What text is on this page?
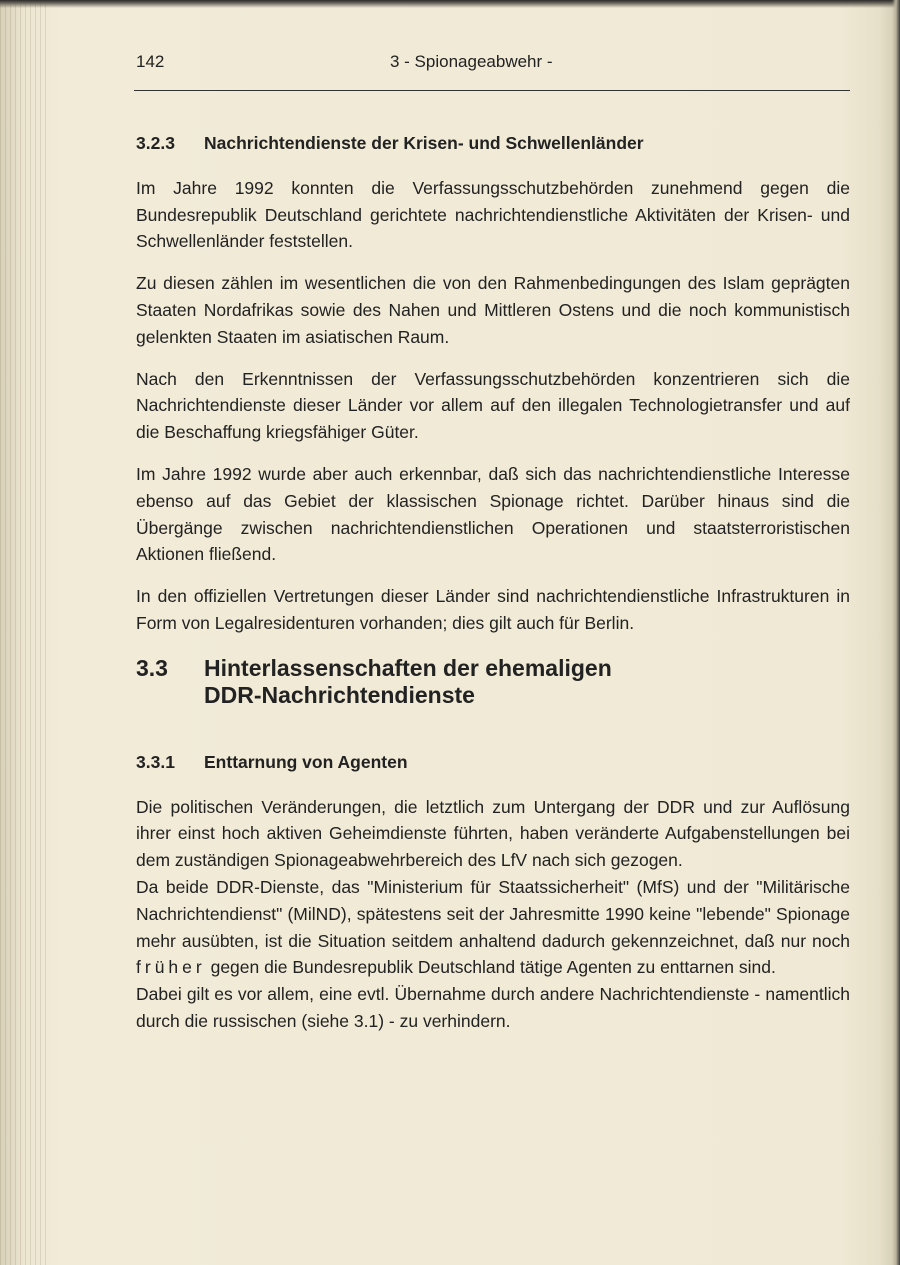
142	3 - Spionageabwehr -
3.2.3	Nachrichtendienste der Krisen- und Schwellenländer

Im Jahre 1992 konnten die Verfassungsschutzbehörden zunehmend gegen die Bundesrepublik Deutschland gerichtete nachrichtendienstliche Aktivitäten der Krisen- und Schwellenländer feststellen.

Zu diesen zählen im wesentlichen die von den Rahmenbedingungen des Islam geprägten Staaten Nordafrikas sowie des Nahen und Mittleren Ostens und die noch kommunistisch gelenkten Staaten im asiatischen Raum.

Nach den Erkenntnissen der Verfassungsschutzbehörden konzentrieren sich die Nachrichtendienste dieser Länder vor allem auf den illegalen Technologietransfer und auf die Beschaffung kriegsfähiger Güter.

Im Jahre 1992 wurde aber auch erkennbar, daß sich das nachrichtendienstliche Interesse ebenso auf das Gebiet der klassischen Spionage richtet. Darüber hinaus sind die Übergänge zwischen nachrichtendienstlichen Operationen und staatsterroristischen Aktionen fließend.

In den offiziellen Vertretungen dieser Länder sind nachrichtendienstliche Infrastrukturen in Form von Legalresidenturen vorhanden; dies gilt auch für Berlin.

3.3	Hinterlassenschaften der ehemaligen
DDR-Nachrichtendienste
3.3.1	Enttarnung von Agenten

Die politischen Veränderungen, die letztlich zum Untergang der DDR und zur Auflösung ihrer einst hoch aktiven Geheimdienste führten, haben veränderte Aufgabenstellungen bei dem zuständigen Spionageabwehrbereich des LfV nach sich gezogen.

Da beide DDR-Dienste, das "Ministerium für Staatssicherheit" (MfS) und der "Militärische Nachrichtendienst" (MilND), spätestens seit der Jahresmitte 1990 keine "lebende" Spionage mehr ausübten, ist die Situation seitdem anhaltend dadurch gekennzeichnet, daß nur noch früher gegen die Bundesrepublik Deutschland tätige Agenten zu enttarnen sind.

Dabei gilt es vor allem, eine evtl. Übernahme durch andere Nachrichtendienste - namentlich durch die russischen (siehe 3.1) - zu verhindern.
